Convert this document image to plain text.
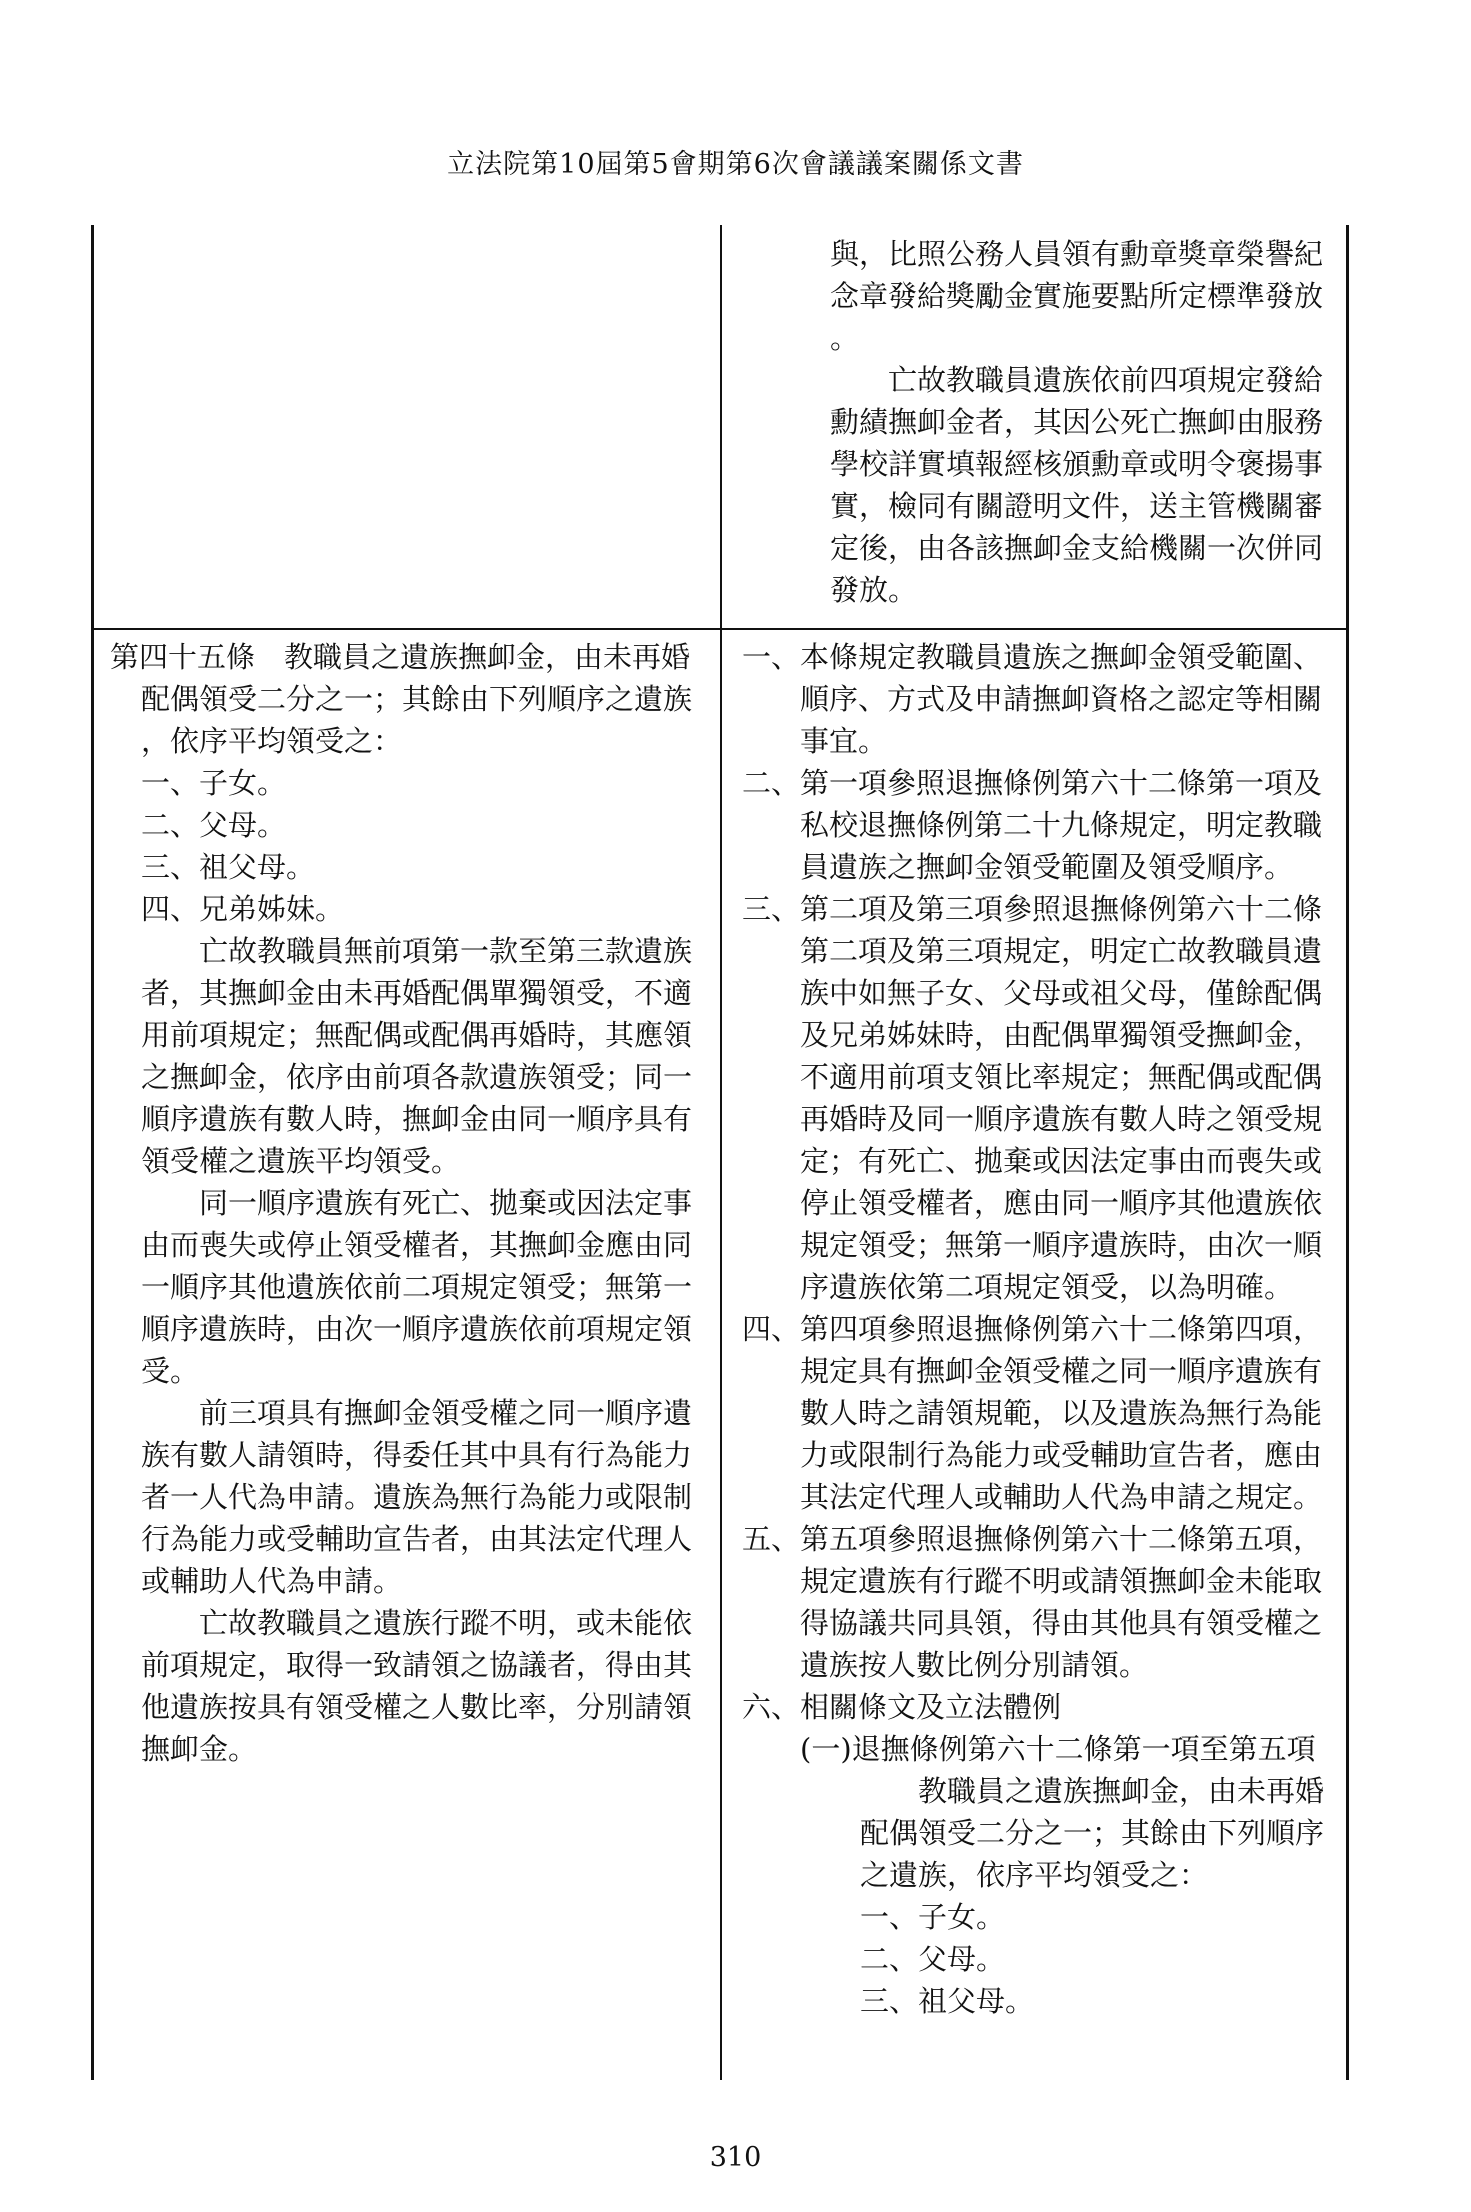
立法院第10屆第5會期第6次會議議案關係文書
與，比照公務人員領有勳章獎章榮譽紀
念章發給獎勵金實施要點所定標準發放
。
亡故教職員遺族依前四項規定發給
勳績撫卹金者，其因公死亡撫卹由服務
學校詳實填報經核頒勳章或明令褒揚事
實，檢同有關證明文件，送主管機關審
定後，由各該撫卹金支給機關一次併同
發放。
第四十五條　教職員之遺族撫卹金，由未再婚
配偶領受二分之一；其餘由下列順序之遺族
，依序平均領受之：
一、子女。
二、父母。
三、祖父母。
四、兄弟姊妹。
亡故教職員無前項第一款至第三款遺族
者，其撫卹金由未再婚配偶單獨領受，不適
用前項規定；無配偶或配偶再婚時，其應領
之撫卹金，依序由前項各款遺族領受；同一
順序遺族有數人時，撫卹金由同一順序具有
領受權之遺族平均領受。
同一順序遺族有死亡、拋棄或因法定事
由而喪失或停止領受權者，其撫卹金應由同
一順序其他遺族依前二項規定領受；無第一
順序遺族時，由次一順序遺族依前項規定領
受。
前三項具有撫卹金領受權之同一順序遺
族有數人請領時，得委任其中具有行為能力
者一人代為申請。遺族為無行為能力或限制
行為能力或受輔助宣告者，由其法定代理人
或輔助人代為申請。
亡故教職員之遺族行蹤不明，或未能依
前項規定，取得一致請領之協議者，得由其
他遺族按具有領受權之人數比率，分別請領
撫卹金。
一、 本條規定教職員遺族之撫卹金領受範圍、
順序、方式及申請撫卹資格之認定等相關
事宜。
二、 第一項參照退撫條例第六十二條第一項及
私校退撫條例第二十九條規定，明定教職
員遺族之撫卹金領受範圍及領受順序。
三、 第二項及第三項參照退撫條例第六十二條
第二項及第三項規定，明定亡故教職員遺
族中如無子女、父母或祖父母，僅餘配偶
及兄弟姊妹時，由配偶單獨領受撫卹金，
不適用前項支領比率規定；無配偶或配偶
再婚時及同一順序遺族有數人時之領受規
定；有死亡、拋棄或因法定事由而喪失或
停止領受權者，應由同一順序其他遺族依
規定領受；無第一順序遺族時，由次一順
序遺族依第二項規定領受，以為明確。
四、 第四項參照退撫條例第六十二條第四項，
規定具有撫卹金領受權之同一順序遺族有
數人時之請領規範，以及遺族為無行為能
力或限制行為能力或受輔助宣告者，應由
其法定代理人或輔助人代為申請之規定。
五、 第五項參照退撫條例第六十二條第五項，
規定遺族有行蹤不明或請領撫卹金未能取
得協議共同具領，得由其他具有領受權之
遺族按人數比例分別請領。
六、 相關條文及立法體例
(一)退撫條例第六十二條第一項至第五項
教職員之遺族撫卹金，由未再婚
配偶領受二分之一；其餘由下列順序
之遺族，依序平均領受之：
一、子女。
二、父母。
三、祖父母。
310
